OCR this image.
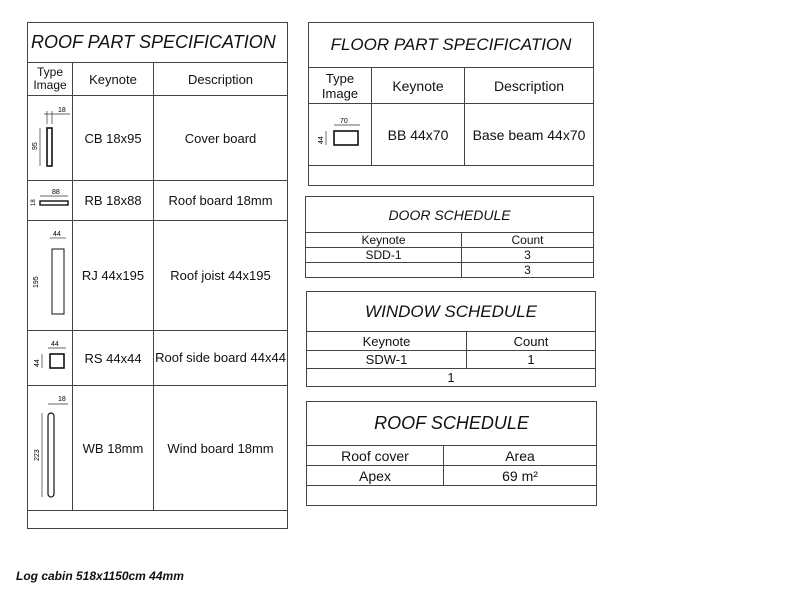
ROOF PART SPECIFICATION		
Type Image	Keynote	Description

18
95	CB 18x95	Cover board

88
18	RB 18x88	Roof board 18mm

44
195	RJ 44x195	Roof joist 44x195

44
44	RS 44x44	Roof side board 44x44

18
223	WB 18mm	Wind board 18mm

FLOOR PART SPECIFICATION		
Type Image	Keynote	Description

70
44	BB 44x70	Base beam 44x70

DOOR SCHEDULE	
Keynote	Count
SDD-1	3
	3
WINDOW SCHEDULE	
Keynote	Count
SDW-1	1
1	
ROOF SCHEDULE	
Roof cover	Area
Apex	69 m²

Log cabin 518x1150cm 44mm
